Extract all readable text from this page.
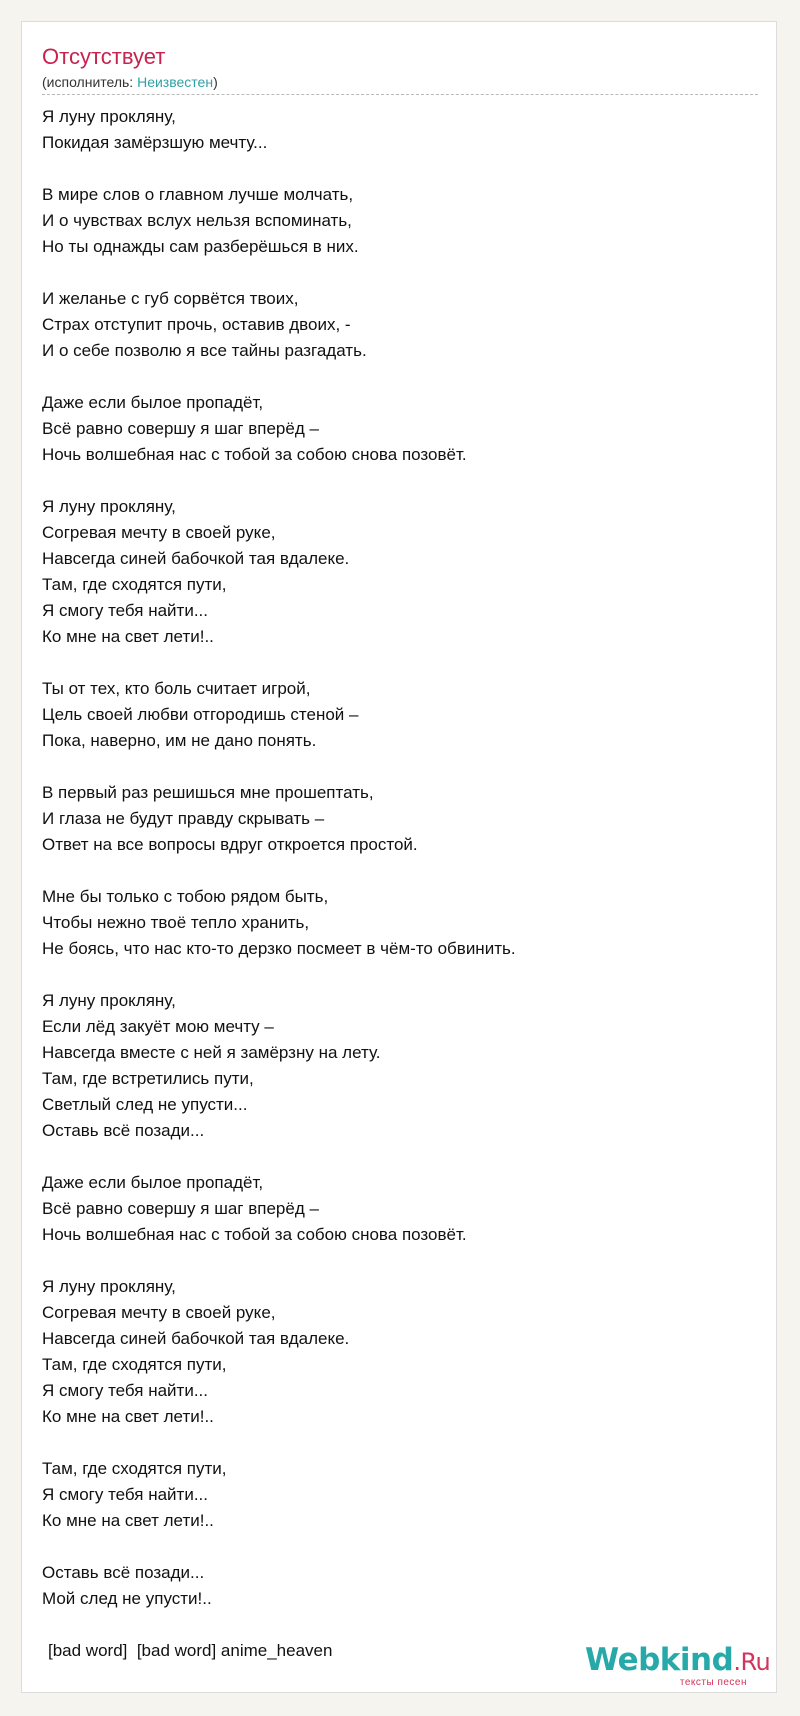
Отсутствует
(исполнитель: Неизвестен)
Я луну прокляну,
Покидая замёрзшую мечту...
В мире слов о главном лучше молчать,
И о чувствах вслух нельзя вспоминать,
Но ты однажды сам разберёшься в них.
И желанье с губ сорвётся твоих,
Страх отступит прочь, оставив двоих, -
И о себе позволю я все тайны разгадать.
Даже если былое пропадёт,
Всё равно совершу я шаг вперёд –
Ночь волшебная нас с тобой за собою снова позовёт.
Я луну прокляну,
Согревая мечту в своей руке,
Навсегда синей бабочкой тая вдалеке.
Там, где сходятся пути,
Я смогу тебя найти...
Ко мне на свет лети!..
Ты от тех, кто боль считает игрой,
Цель своей любви отгородишь стеной –
Пока, наверно, им не дано понять.
В первый раз решишься мне прошептать,
И глаза не будут правду скрывать –
Ответ на все вопросы вдруг откроется простой.
Мне бы только с тобою рядом быть,
Чтобы нежно твоё тепло хранить,
Не боясь, что нас кто-то дерзко посмеет в чём-то обвинить.
Я луну прокляну,
Если лёд закуёт мою мечту –
Навсегда вместе с ней я замёрзну на лету.
Там, где встретились пути,
Светлый след не упусти...
Оставь всё позади...
Даже если былое пропадёт,
Всё равно совершу я шаг вперёд –
Ночь волшебная нас с тобой за собою снова позовёт.
Я луну прокляну,
Согревая мечту в своей руке,
Навсегда синей бабочкой тая вдалеке.
Там, где сходятся пути,
Я смогу тебя найти...
Ко мне на свет лети!..
Там, где сходятся пути,
Я смогу тебя найти...
Ко мне на свет лети!..
Оставь всё позади...
Мой след не упусти!..
[bad word]  [bad word] anime_heaven	Webkind.Ru
тексты песен
